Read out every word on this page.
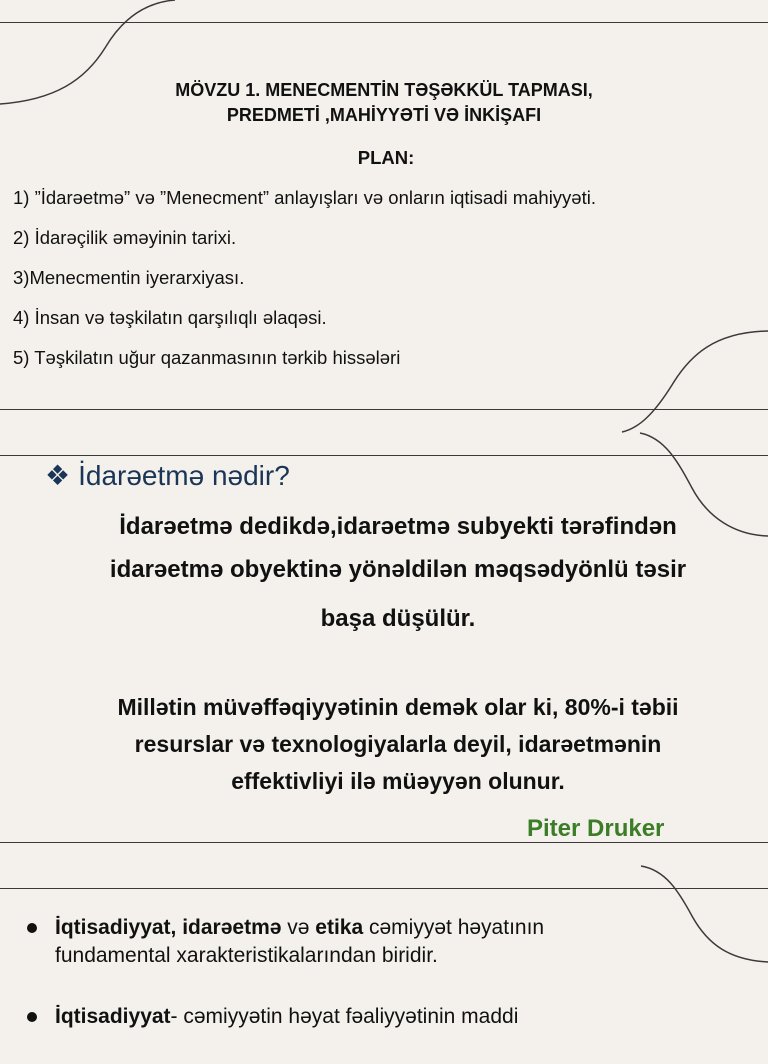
MÖVZU 1. MENECMENTİN TƏŞƏKKÜL TAPMASI,
PREDMETİ ,MAHİYYƏTİ VƏ İNKİŞAFI
PLAN:
1) ”İdarəetmə” və ”Menecment” anlayışları və onların iqtisadi mahiyyəti.
2) İdarəçilik əməyinin tarixi.
3)Menecmentin iyerarxiyası.
4) İnsan və təşkilatın qarşılıqlı əlaqəsi.
5) Təşkilatın uğur qazanmasının tərkib hissələri
❖ İdarəetmə nədir?
İdarəetmə dedikdə,idarəetmə subyekti tərəfindən
idarəetmə obyektinə yönəldilən məqsədyönlü təsir
başa düşülür.
Millətin müvəffəqiyyətinin demək olar ki, 80%-i təbii
resurslar və texnologiyalarla deyil, idarəetmənin
effektivliyi ilə müəyyən olunur.
Piter Druker
İqtisadiyyat, idarəetmə və etika cəmiyyət həyatının
fundamental xarakteristikalarından biridir.
İqtisadiyyat- cəmiyyətin həyat fəaliyyətinin maddi
